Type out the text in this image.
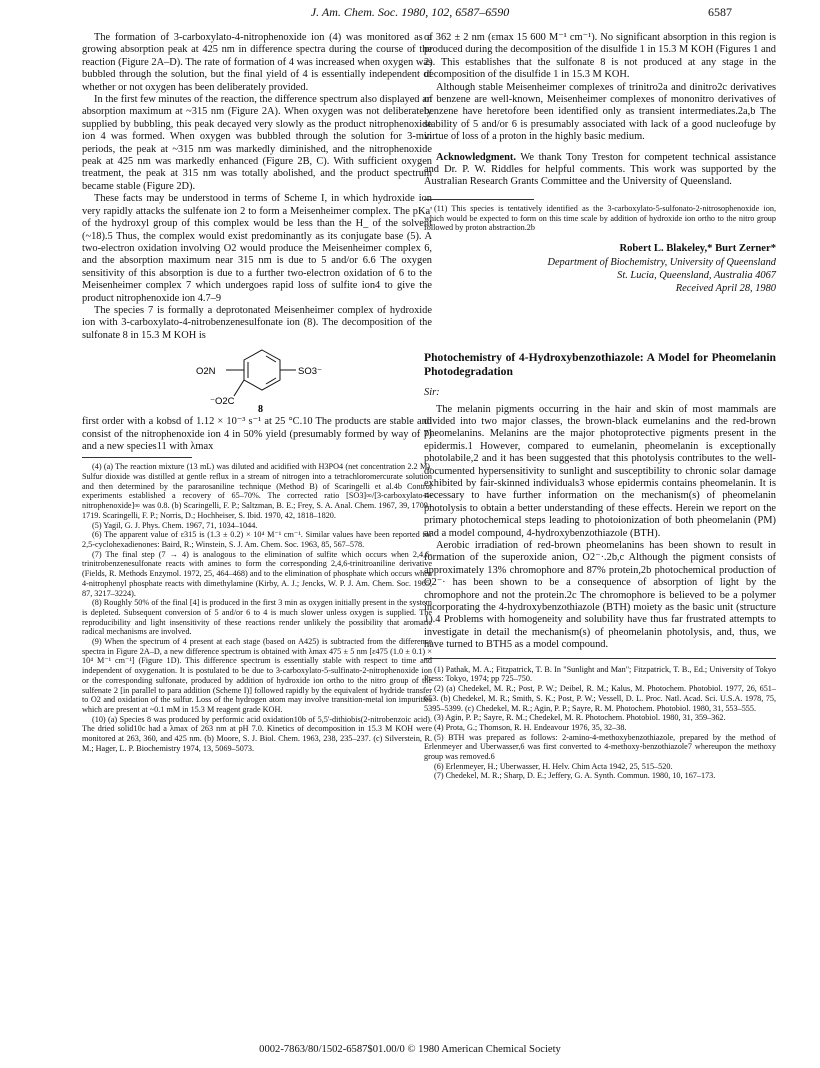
J. Am. Chem. Soc. 1980, 102, 6587–6590	6587

The formation of 3-carboxylato-4-nitrophenoxide ion (4) was monitored as a growing absorption peak at 425 nm in difference spectra during the course of the reaction (Figure 2A–D). The rate of formation of 4 was increased when oxygen was bubbled through the solution, but the final yield of 4 is essentially independent of whether or not oxygen has been deliberately provided.

In the first few minutes of the reaction, the difference spectrum also displayed an absorption maximum at ~315 nm (Figure 2A). When oxygen was not deliberately supplied by bubbling, this peak decayed very slowly as the product nitrophenoxide ion 4 was formed. When oxygen was bubbled through the solution for 3-min periods, the peak at ~315 nm was markedly diminished, and the nitrophenoxide peak at 425 nm was markedly enhanced (Figure 2B, C). With sufficient oxygen treatment, the peak at 315 nm was totally abolished, and the product spectrum became stable (Figure 2D).

These facts may be understood in terms of Scheme I, in which hydroxide ion very rapidly attacks the sulfenate ion 2 to form a Meisenheimer complex. The pKa' of the hydroxyl group of this complex would be less than the H_ of the solvent (~18).5 Thus, the complex would exist predominantly as its conjugate base (5). A two-electron oxidation involving O2 would produce the Meisenheimer complex 6, and the absorption maximum near 315 nm is due to 5 and/or 6.6 The oxygen sensitivity of this absorption is due to a further two-electron oxidation of 6 to the Meisenheimer complex 7 which undergoes rapid loss of sulfite ion4 to give the product nitrophenoxide ion 4.7–9

The species 7 is formally a deprotonated Meisenheimer complex of hydroxide ion with 3-carboxylato-4-nitrobenzenesulfonate ion (8). The decomposition of the sulfonate 8 in 15.3 M KOH is

O2N	SO3⁻
⁻O2C
8

first order with a kobsd of 1.12 × 10⁻³ s⁻¹ at 25 °C.10 The products are stable and consist of the nitrophenoxide ion 4 in 50% yield (presumably formed by way of 7) and a new species11 with λmax

(4) (a) The reaction mixture (13 mL) was diluted and acidified with H3PO4 (net concentration 2.2 M). Sulfur dioxide was distilled at gentle reflux in a stream of nitrogen into a tetrachloromercurate solution and then determined by the pararosaniline technique (Method B) of Scaringelli et al.4b Control experiments established a recovery of 65–70%. The corrected ratio [SO3]∞/[3-carboxylato-4-nitrophenoxide]∞ was 0.8. (b) Scaringelli, F. P.; Saltzman, B. E.; Frey, S. A. Anal. Chem. 1967, 39, 1709–1719. Scaringelli, F. P.; Norris, D.; Hochheiser, S. Ibid. 1970, 42, 1818–1820.

(5) Yagil, G. J. Phys. Chem. 1967, 71, 1034–1044.

(6) The apparent value of ε315 is (1.3 ± 0.2) × 10⁴ M⁻¹ cm⁻¹. Similar values have been reported for 2,5-cyclohexadienones: Baird, R.; Winstein, S. J. Am. Chem. Soc. 1963, 85, 567–578.

(7) The final step (7 → 4) is analogous to the elimination of sulfite which occurs when 2,4,6-trinitrobenzenesulfonate reacts with amines to form the corresponding 2,4,6-trinitroaniline derivative (Fields, R. Methods Enzymol. 1972, 25, 464–468) and to the elimination of phosphate which occurs when 4-nitrophenyl phosphate reacts with dimethylamine (Kirby, A. J.; Jencks, W. P. J. Am. Chem. Soc. 1965, 87, 3217–3224).

(8) Roughly 50% of the final [4] is produced in the first 3 min as oxygen initially present in the system is depleted. Subsequent conversion of 5 and/or 6 to 4 is much slower unless oxygen is supplied. The reproducibility and light insensitivity of these reactions render unlikely the possibility that aromatic radical mechanisms are involved.

(9) When the spectrum of 4 present at each stage (based on A425) is subtracted from the difference spectra in Figure 2A–D, a new difference spectrum is obtained with λmax 475 ± 5 nm [ε475 (1.0 ± 0.1) × 10⁴ M⁻¹ cm⁻¹] (Figure 1D). This difference spectrum is essentially stable with respect to time and independent of oxygenation. It is postulated to be due to 3-carboxylato-5-sulfinato-2-nitrophenoxide ion or the corresponding sulfonate, produced by addition of hydroxide ion ortho to the nitro group of the sulfenate 2 [in parallel to para addition (Scheme I)] followed rapidly by the equivalent of hydride transfer to O2 and oxidation of the sulfur. Loss of the hydrogen atom may involve transition-metal ion impurities which are present at ~0.1 mM in 15.3 M reagent grade KOH.

(10) (a) Species 8 was produced by performic acid oxidation10b of 5,5'-dithiobis(2-nitrobenzoic acid). The dried solid10c had a λmax of 263 nm at pH 7.0. Kinetics of decomposition in 15.3 M KOH were monitored at 263, 360, and 425 nm. (b) Moore, S. J. Biol. Chem. 1963, 238, 235–237. (c) Silverstein, R. M.; Hager, L. P. Biochemistry 1974, 13, 5069–5073.

of 362 ± 2 nm (εmax 15 600 M⁻¹ cm⁻¹). No significant absorption in this region is produced during the decomposition of the disulfide 1 in 15.3 M KOH (Figures 1 and 2). This establishes that the sulfonate 8 is not produced at any stage in the decomposition of the disulfide 1 in 15.3 M KOH.

Although stable Meisenheimer complexes of trinitro2a and dinitro2c derivatives of benzene are well-known, Meisenheimer complexes of mononitro derivatives of benzene have heretofore been identified only as transient intermediates.2a,b The stability of 5 and/or 6 is presumably associated with lack of a good nucleofuge by virtue of loss of a proton in the highly basic medium.

Acknowledgment. We thank Tony Treston for competent technical assistance and Dr. P. W. Riddles for helpful comments. This work was supported by the Australian Research Grants Committee and the University of Queensland.

(11) This species is tentatively identified as the 3-carboxylato-5-sulfonato-2-nitrosophenoxide ion, which would be expected to form on this time scale by addition of hydroxide ion ortho to the nitro group followed by proton abstraction.2b

Robert L. Blakeley,* Burt Zerner*
Department of Biochemistry, University of Queensland
St. Lucia, Queensland, Australia 4067
Received April 28, 1980
Photochemistry of 4-Hydroxybenzothiazole: A Model for Pheomelanin Photodegradation
Sir:

The melanin pigments occurring in the hair and skin of most mammals are divided into two major classes, the brown-black eumelanins and the red-brown pheomelanins. Melanins are the major photoprotective pigments present in the epidermis.1 However, compared to eumelanin, pheomelanin is exceptionally photolabile,2 and it has been suggested that this photolysis contributes to the well-documented hypersensitivity to sunlight and susceptibility to chronic solar damage exhibited by fair-skinned individuals3 whose epidermis contains pheomelanin. It is necessary to have further information on the mechanism(s) of pheomelanin photolysis to obtain a better understanding of these effects. Herein we report on the primary photochemical steps leading to photoionization of both pheomelanin (PM) and a model compound, 4-hydroxybenzothiazole (BTH).

Aerobic irradiation of red-brown pheomelanins has been shown to result in formation of the superoxide anion, O2⁻·.2b,c Although the pigment consists of approximately 13% chromophore and 87% protein,2b photochemical production of O2⁻· has been shown to be a consequence of absorption of light by the chromophore and not the protein.2c The chromophore is believed to be a polymer incorporating the 4-hydroxybenzothiazole (BTH) moiety as the basic unit (structure 1).4 Problems with homogeneity and solubility have thus far frustrated attempts to investigate in detail the mechanism(s) of pheomelanin photolysis, and, thus, we have turned to BTH5 as a model compound.

(1) Pathak, M. A.; Fitzpatrick, T. B. In "Sunlight and Man"; Fitzpatrick, T. B., Ed.; University of Tokyo Press: Tokyo, 1974; pp 725–750.

(2) (a) Chedekel, M. R.; Post, P. W.; Deibel, R. M.; Kalus, M. Photochem. Photobiol. 1977, 26, 651–653. (b) Chedekel, M. R.; Smith, S. K.; Post, P. W.; Vessell, D. L. Proc. Natl. Acad. Sci. U.S.A. 1978, 75, 5395–5399. (c) Chedekel, M. R.; Agin, P. P.; Sayre, R. M. Photochem. Photobiol. 1980, 31, 553–555.

(3) Agin, P. P.; Sayre, R. M.; Chedekel, M. R. Photochem. Photobiol. 1980, 31, 359–362.

(4) Prota, G.; Thomson, R. H. Endeavour 1976, 35, 32–38.

(5) BTH was prepared as follows: 2-amino-4-methoxybenzothiazole, prepared by the method of Erlenmeyer and Uberwasser,6 was first converted to 4-methoxy-benzothiazole7 whereupon the methoxy group was removed.6

(6) Erlenmeyer, H.; Uberwasser, H. Helv. Chim Acta 1942, 25, 515–520.

(7) Chedekel, M. R.; Sharp, D. E.; Jeffery, G. A. Synth. Commun. 1980, 10, 167–173.

0002-7863/80/1502-6587$01.00/0 © 1980 American Chemical Society
